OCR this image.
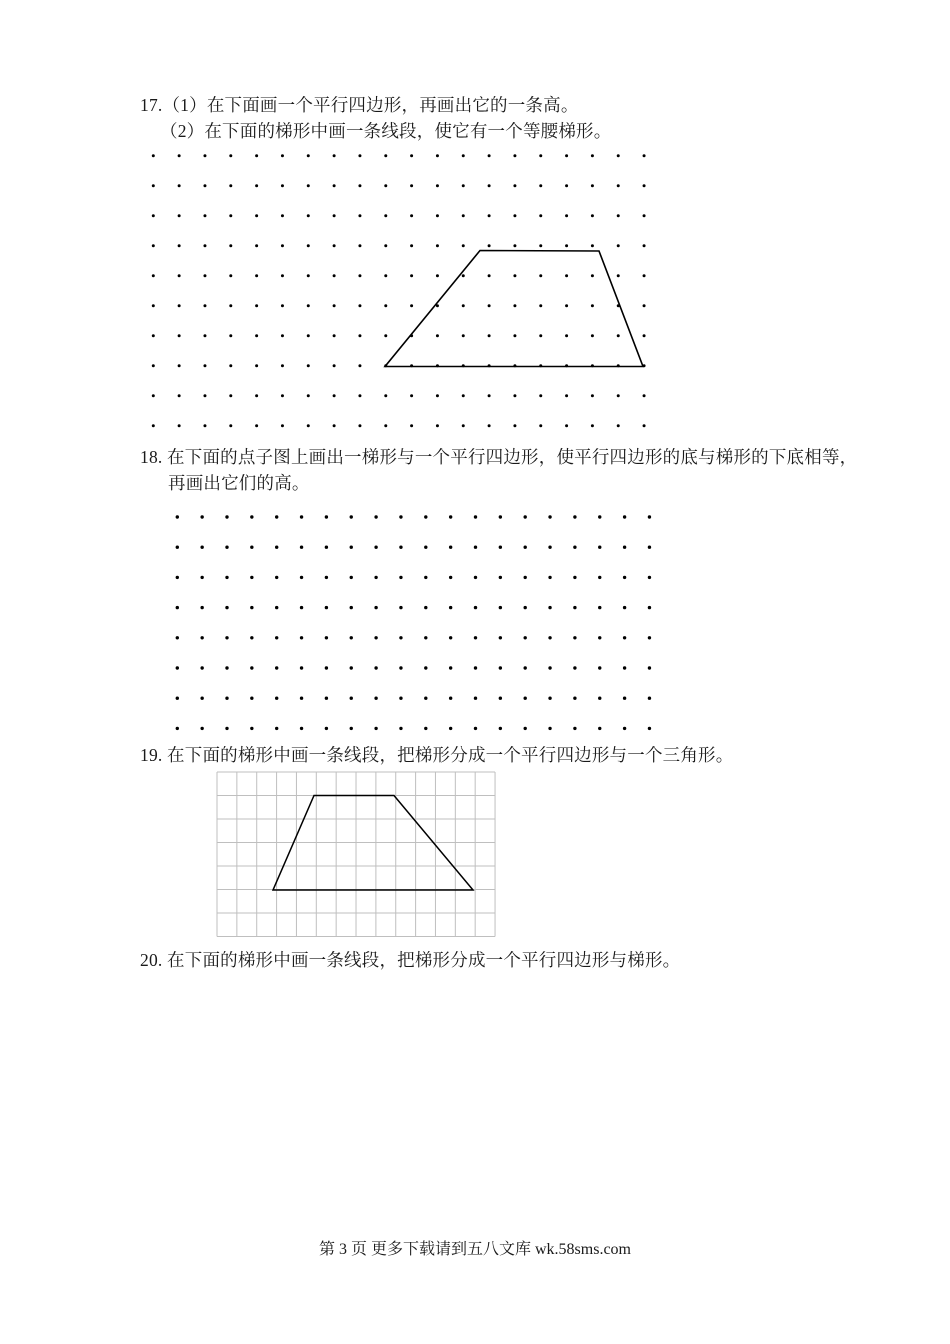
17.（1）在下面画一个平行四边形，再画出它的一条高。
（2）在下面的梯形中画一条线段，使它有一个等腰梯形。
18. 在下面的点子图上画出一梯形与一个平行四边形，使平行四边形的底与梯形的下底相等，
再画出它们的高。
19. 在下面的梯形中画一条线段，把梯形分成一个平行四边形与一个三角形。
20. 在下面的梯形中画一条线段，把梯形分成一个平行四边形与梯形。
第 3 页 更多下载请到五八文库 wk.58sms.com
